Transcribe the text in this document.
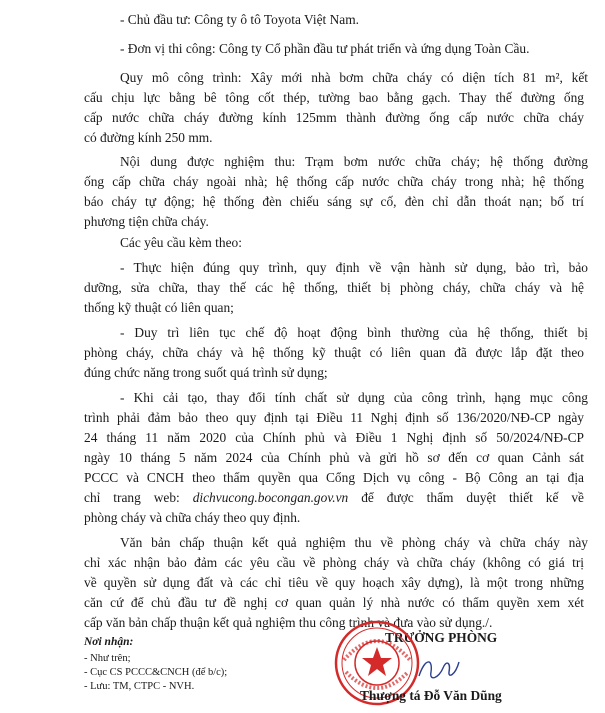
- Chủ đầu tư: Công ty ô tô Toyota Việt Nam.
- Đơn vị thi công: Công ty Cổ phần đầu tư phát triển và ứng dụng Toàn Cầu.
Quy mô công trình: Xây mới nhà bơm chữa cháy có diện tích 81 m², kết
cấu chịu lực bằng bê tông cốt thép, tường bao bằng gạch. Thay thế đường ống
cấp nước chữa cháy đường kính 125mm thành đường ống cấp nước chữa cháy
có đường kính 250 mm.
Nội dung được nghiệm thu: Trạm bơm nước chữa cháy; hệ thống đường
ống cấp chữa cháy ngoài nhà; hệ thống cấp nước chữa cháy trong nhà; hệ thống
báo cháy tự động; hệ thống đèn chiếu sáng sự cố, đèn chỉ dẫn thoát nạn; bố trí
phương tiện chữa cháy.
Các yêu cầu kèm theo:
- Thực hiện đúng quy trình, quy định về vận hành sử dụng, bảo trì, bảo
dưỡng, sửa chữa, thay thế các hệ thống, thiết bị phòng cháy, chữa cháy và hệ
thống kỹ thuật có liên quan;
- Duy trì liên tục chế độ hoạt động bình thường của hệ thống, thiết bị
phòng cháy, chữa cháy và hệ thống kỹ thuật có liên quan đã được lắp đặt theo
đúng chức năng trong suốt quá trình sử dụng;
- Khi cải tạo, thay đổi tính chất sử dụng của công trình, hạng mục công
trình phải đảm bảo theo quy định tại Điều 11 Nghị định số 136/2020/NĐ-CP ngày
24 tháng 11 năm 2020 của Chính phủ và Điều 1 Nghị định số 50/2024/NĐ-CP
ngày 10 tháng 5 năm 2024 của Chính phủ và gửi hồ sơ đến cơ quan Cảnh sát
PCCC và CNCH theo thẩm quyền qua Cổng Dịch vụ công - Bộ Công an tại địa
chỉ trang web: dichvucong.bocongan.gov.vn để được thẩm duyệt thiết kế về
phòng cháy và chữa cháy theo quy định.
Văn bản chấp thuận kết quả nghiệm thu về phòng cháy và chữa cháy này
chỉ xác nhận bảo đảm các yêu cầu về phòng cháy và chữa cháy (không có giá trị
về quyền sử dụng đất và các chỉ tiêu về quy hoạch xây dựng), là một trong những
căn cứ để chủ đầu tư đề nghị cơ quan quản lý nhà nước có thẩm quyền xem xét
cấp văn bản chấp thuận kết quả nghiệm thu công trình và đưa vào sử dụng./.
Nơi nhận:
- Như trên;
- Cục CS PCCC&CNCH (để b/c);
- Lưu: TM, CTPC - NVH.
TRƯỞNG PHÒNG
Thượng tá Đỗ Văn Dũng
